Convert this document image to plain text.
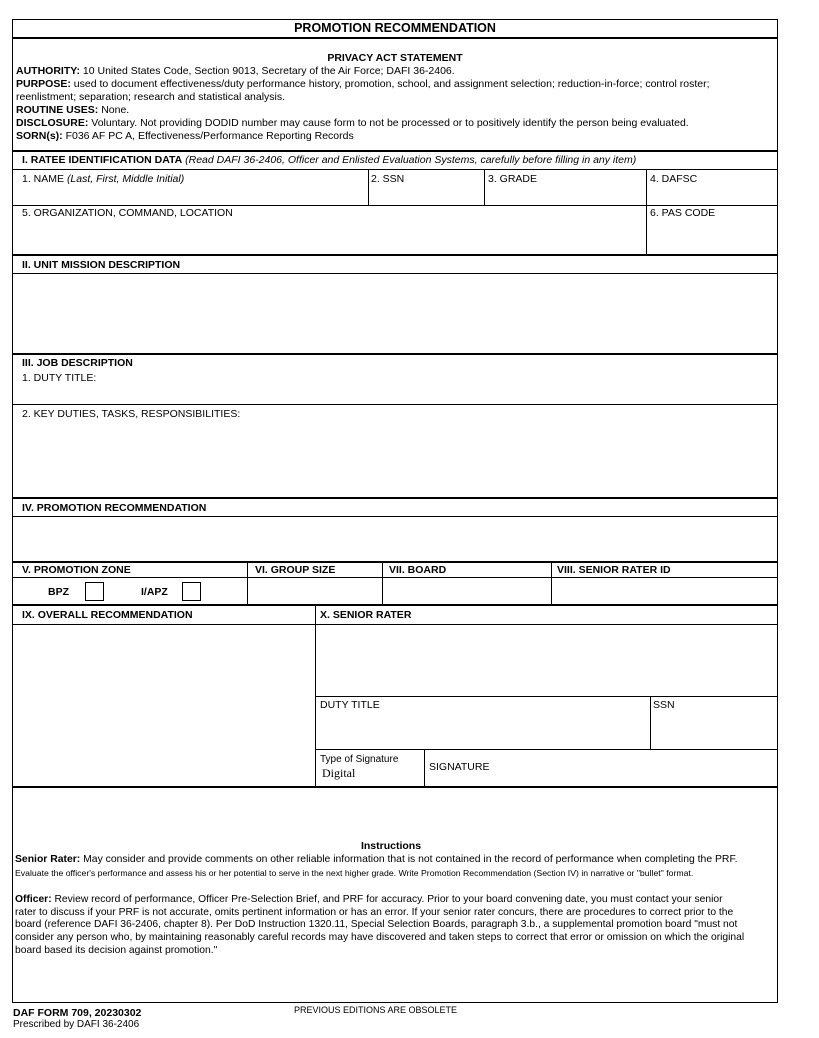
PROMOTION RECOMMENDATION
PRIVACY ACT STATEMENT
AUTHORITY: 10 United States Code, Section 9013, Secretary of the Air Force; DAFI 36-2406.
PURPOSE: used to document effectiveness/duty performance history, promotion, school, and assignment selection; reduction-in-force; control roster;
reenlistment; separation; research and statistical analysis.
ROUTINE USES: None.
DISCLOSURE: Voluntary. Not providing DODID number may cause form to not be processed or to positively identify the person being evaluated.
SORN(s): F036 AF PC A, Effectiveness/Performance Reporting Records
I. RATEE IDENTIFICATION DATA (Read DAFI 36-2406, Officer and Enlisted Evaluation Systems, carefully before filling in any item)
1. NAME (Last, First, Middle Initial)	2. SSN	3. GRADE	4. DAFSC
5. ORGANIZATION, COMMAND, LOCATION	6. PAS CODE
II. UNIT MISSION DESCRIPTION
III. JOB DESCRIPTION
1. DUTY TITLE:
2. KEY DUTIES, TASKS, RESPONSIBILITIES:
IV. PROMOTION RECOMMENDATION
V. PROMOTION ZONE	VI. GROUP SIZE	VII. BOARD	VIII. SENIOR RATER ID
BPZ	I/APZ
IX. OVERALL RECOMMENDATION	X. SENIOR RATER
DUTY TITLE	SSN
Type of Signature
Digital	SIGNATURE
Instructions
Senior Rater: May consider and provide comments on other reliable information that is not contained in the record of performance when completing the PRF.
Evaluate the officer's performance and assess his or her potential to serve in the next higher grade. Write Promotion Recommendation (Section IV) in narrative or "bullet" format.
Officer: Review record of performance, Officer Pre-Selection Brief, and PRF for accuracy. Prior to your board convening date, you must contact your senior
rater to discuss if your PRF is not accurate, omits pertinent information or has an error. If your senior rater concurs, there are procedures to correct prior to the
board (reference DAFI 36-2406, chapter 8). Per DoD Instruction 1320.11, Special Selection Boards, paragraph 3.b., a supplemental promotion board "must not
consider any person who, by maintaining reasonably careful records may have discovered and taken steps to correct that error or omission on which the original
board based its decision against promotion."
DAF FORM 709, 20230302
Prescribed by DAFI 36-2406
PREVIOUS EDITIONS ARE OBSOLETE
